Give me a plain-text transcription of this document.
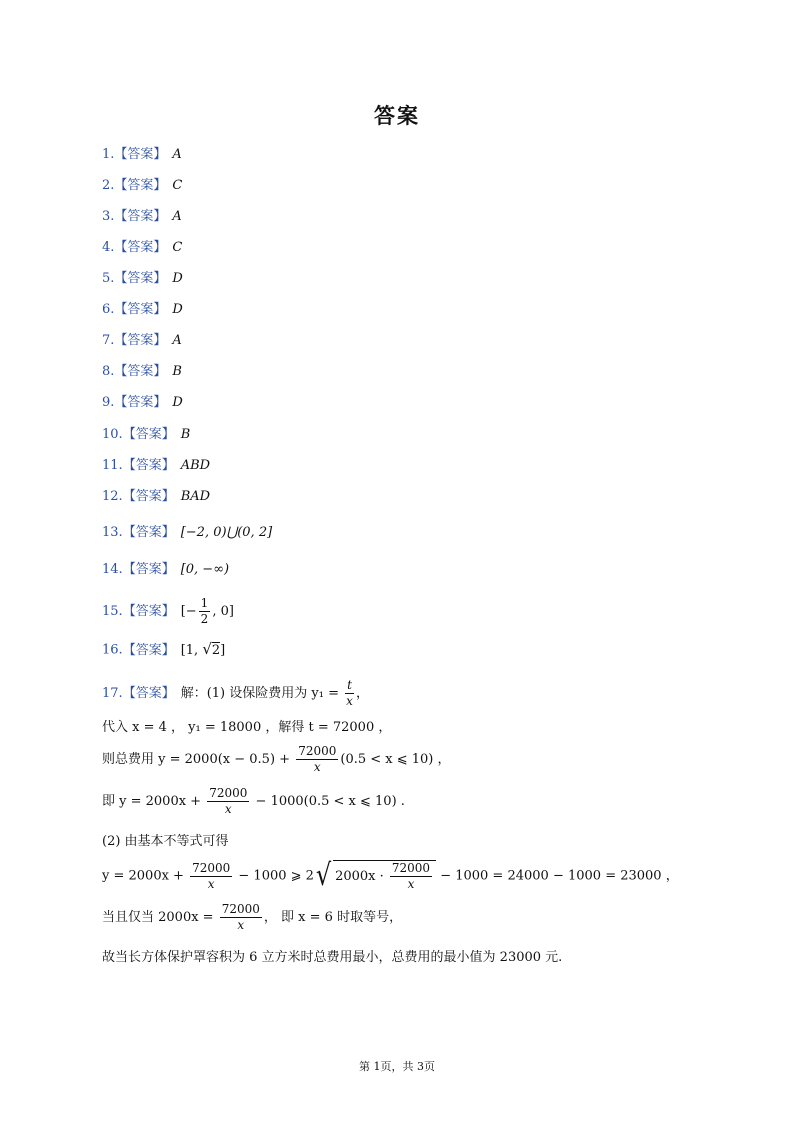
答案
1.【答案】 A
2.【答案】 C
3.【答案】 A
4.【答案】 C
5.【答案】 D
6.【答案】 D
7.【答案】 A
8.【答案】 B
9.【答案】 D
10.【答案】 B
11.【答案】 ABD
12.【答案】 BAD
13.【答案】 [−2, 0)⋃(0, 2]
14.【答案】 [0, −∞)
15.【答案】 [− $\frac{1}{2}$ , 0]
16.【答案】 [1, √2]
17.【答案】 解：(1) 设保险费用为 $y_1 = \frac{t}{x}$ ，
代入 x = 4 ， y₁ = 18000 ，解得 t = 72000 ，
则总费用 $y = 2000(x - 0.5) + \frac{72000}{x} (0.5 < x$ ⩽ 10) ，
即 $y = 2000x + \frac{72000}{x} - 1000(0.5 < x$ ⩽ 10) .
(2) 由基本不等式可得
$y = 2000x + \frac{72000}{x} - 1000$ ⩾ 2√ $2000x \cdot \frac{72000}{x} - 1000 = 24000 - 1000 = 23000$ ，
当且仅当 $2000x = \frac{72000}{x}$ ， 即 x = 6 时取等号，
故当长方体保护罩容积为 6 立方米时总费用最小，总费用的最小值为 23000 元.
第 1页，共 3页
